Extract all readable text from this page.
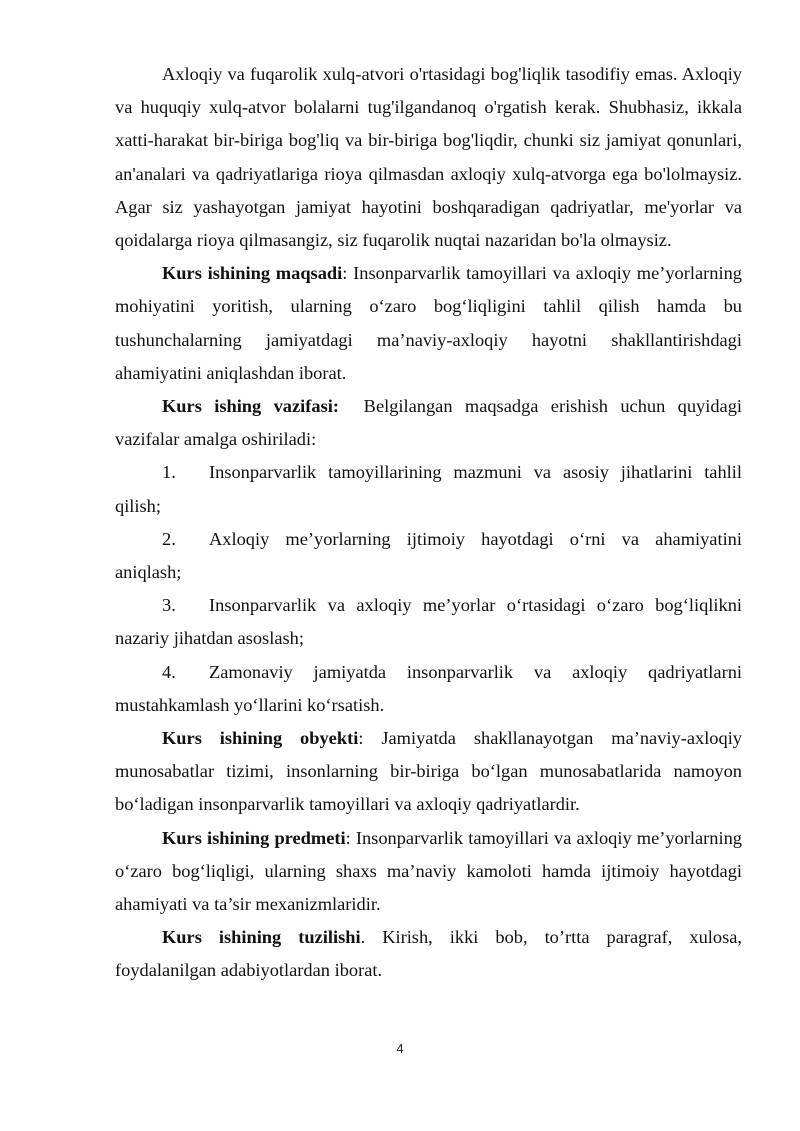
Axloqiy va fuqarolik xulq-atvori o'rtasidagi bog'liqlik tasodifiy emas. Axloqiy va huquqiy xulq-atvor bolalarni tug'ilgandanoq o'rgatish kerak. Shubhasiz, ikkala xatti-harakat bir-biriga bog'liq va bir-biriga bog'liqdir, chunki siz jamiyat qonunlari, an'analari va qadriyatlariga rioya qilmasdan axloqiy xulq-atvorga ega bo'lolmaysiz. Agar siz yashayotgan jamiyat hayotini boshqaradigan qadriyatlar, me'yorlar va qoidalarga rioya qilmasangiz, siz fuqarolik nuqtai nazaridan bo'la olmaysiz.

Kurs ishining maqsadi: Insonparvarlik tamoyillari va axloqiy me’yorlarning mohiyatini yoritish, ularning o‘zaro bog‘liqligini tahlil qilish hamda bu tushunchalarning jamiyatdagi ma’naviy-axloqiy hayotni shakllantirishdagi ahamiyatini aniqlashdan iborat.

Kurs ishing vazifasi:  Belgilangan maqsadga erishish uchun quyidagi vazifalar amalga oshiriladi:

1. Insonparvarlik tamoyillarining mazmuni va asosiy jihatlarini tahlil qilish;

2. Axloqiy me’yorlarning ijtimoiy hayotdagi o‘rni va ahamiyatini aniqlash;

3. Insonparvarlik va axloqiy me’yorlar o‘rtasidagi o‘zaro bog‘liqlikni nazariy jihatdan asoslash;

4. Zamonaviy jamiyatda insonparvarlik va axloqiy qadriyatlarni mustahkamlash yo‘llarini ko‘rsatish.

Kurs ishining obyekti: Jamiyatda shakllanayotgan ma’naviy-axloqiy munosabatlar tizimi, insonlarning bir-biriga bo‘lgan munosabatlarida namoyon bo‘ladigan insonparvarlik tamoyillari va axloqiy qadriyatlardir.

Kurs ishining predmeti: Insonparvarlik tamoyillari va axloqiy me’yorlarning o‘zaro bog‘liqligi, ularning shaxs ma’naviy kamoloti hamda ijtimoiy hayotdagi ahamiyati va ta’sir mexanizmlaridir.

Kurs ishining tuzilishi. Kirish, ikki bob, to’rtta paragraf, xulosa, foydalanilgan adabiyotlardan iborat.

4
